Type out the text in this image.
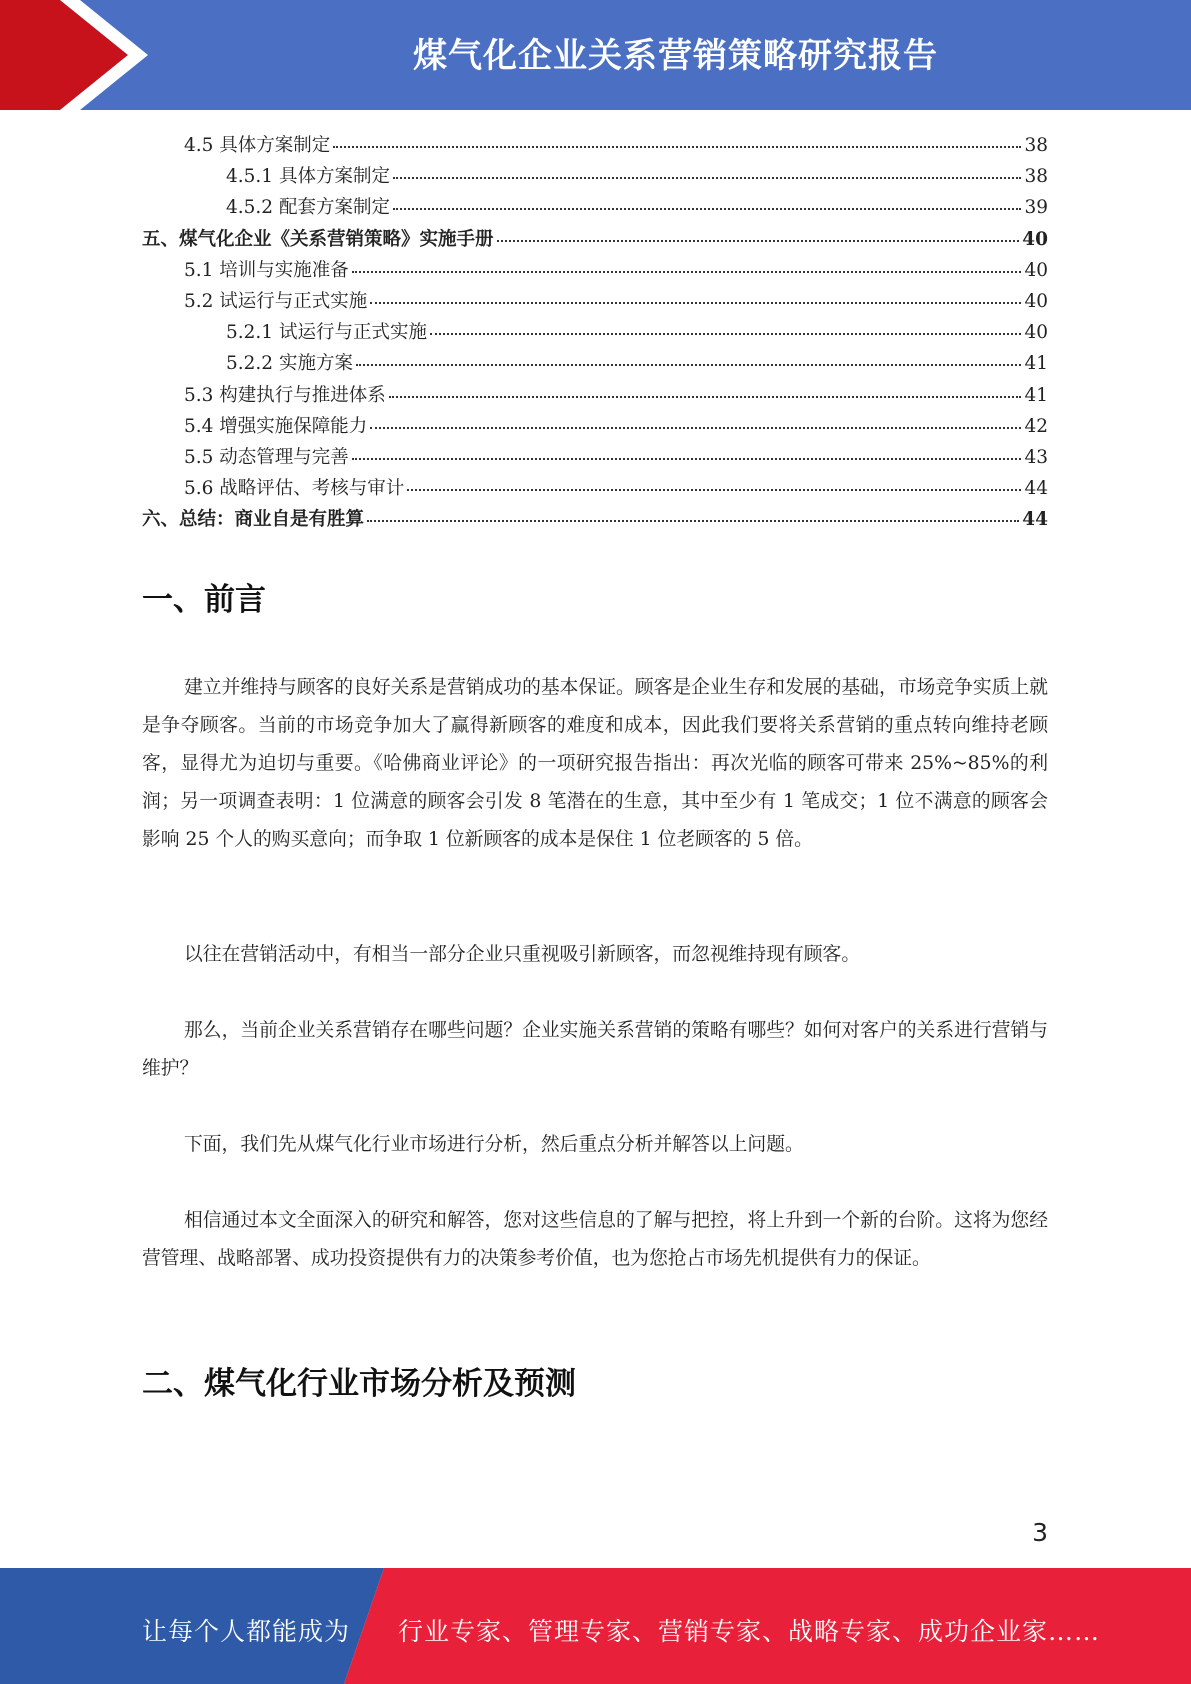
煤气化企业关系营销策略研究报告
4.5 具体方案制定	38
4.5.1 具体方案制定	38
4.5.2 配套方案制定	39
五、煤气化企业《关系营销策略》实施手册	40
5.1 培训与实施准备	40
5.2 试运行与正式实施	40
5.2.1 试运行与正式实施	40
5.2.2 实施方案	41
5.3 构建执行与推进体系	41
5.4 增强实施保障能力	42
5.5 动态管理与完善	43
5.6 战略评估、考核与审计	44
六、总结：商业自是有胜算	44
一、前言
建立并维持与顾客的良好关系是营销成功的基本保证。顾客是企业生存和发展的基础，市场竞争实质上就是争夺顾客。当前的市场竞争加大了赢得新顾客的难度和成本，因此我们要将关系营销的重点转向维持老顾客，显得尤为迫切与重要。《哈佛商业评论》的一项研究报告指出：再次光临的顾客可带来 25%~85%的利润；另一项调查表明：1 位满意的顾客会引发 8 笔潜在的生意，其中至少有 1 笔成交；1 位不满意的顾客会影响 25 个人的购买意向；而争取 1 位新顾客的成本是保住 1 位老顾客的 5 倍。
以往在营销活动中，有相当一部分企业只重视吸引新顾客，而忽视维持现有顾客。
那么，当前企业关系营销存在哪些问题？企业实施关系营销的策略有哪些？如何对客户的关系进行营销与维护？
下面，我们先从煤气化行业市场进行分析，然后重点分析并解答以上问题。
相信通过本文全面深入的研究和解答，您对这些信息的了解与把控，将上升到一个新的台阶。这将为您经营管理、战略部署、成功投资提供有力的决策参考价值，也为您抢占市场先机提供有力的保证。
二、煤气化行业市场分析及预测
3
让每个人都能成为 行业专家、管理专家、营销专家、战略专家、成功企业家……
